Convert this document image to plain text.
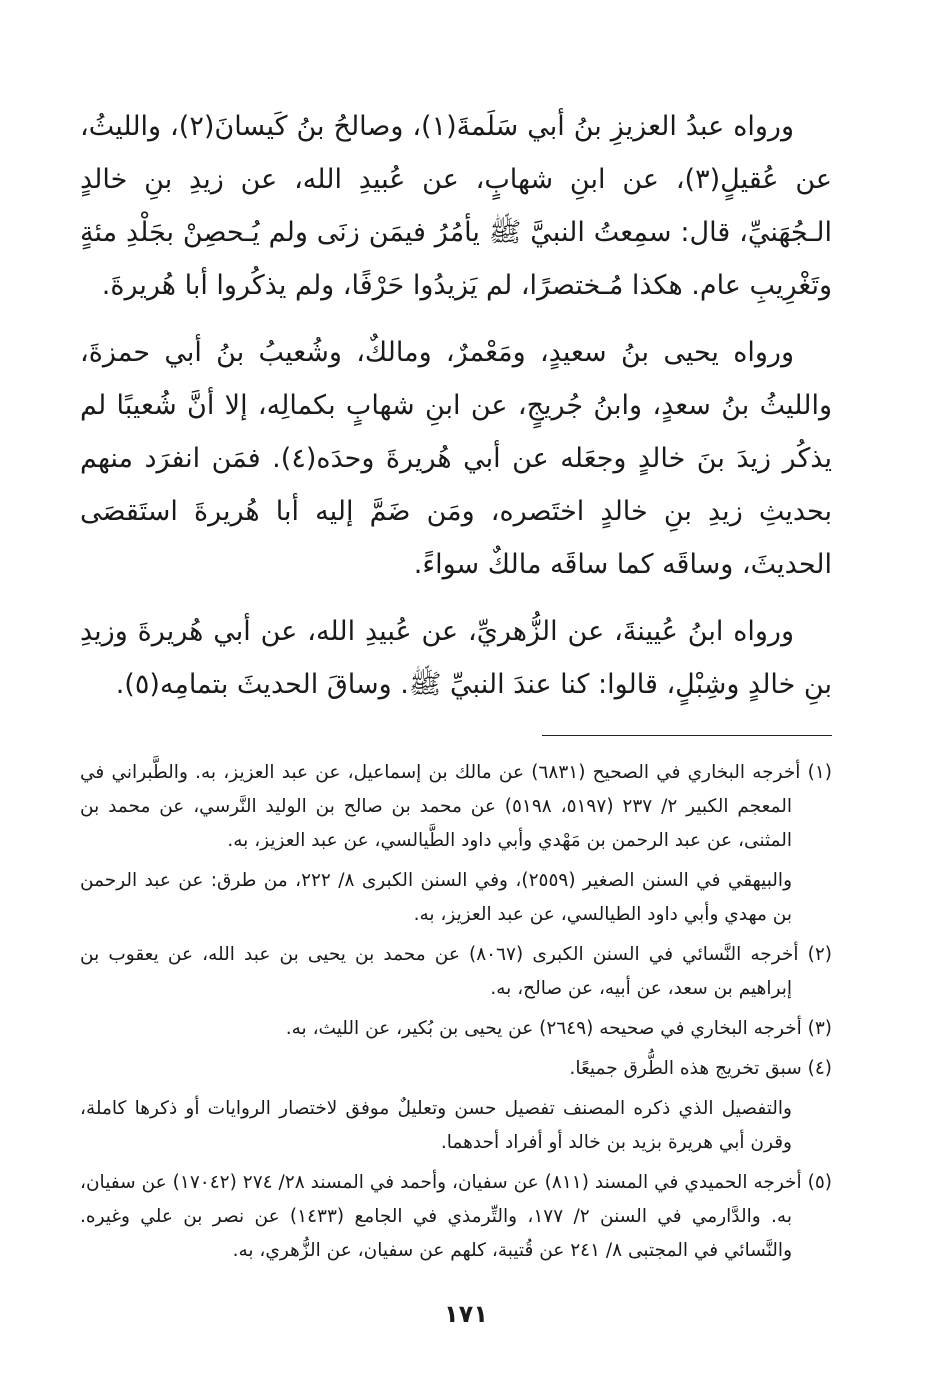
ورواه عبدُ العزيزِ بنُ أبي سَلَمةَ(١)، وصالحُ بنُ كَيسانَ(٢)، والليثُ، عن عُقيلٍ(٣)، عن ابنِ شهابٍ، عن عُبيدِ الله، عن زيدِ بنِ خالدٍ الـجُهَنيِّ، قال: سمِعتُ النبيَّ ﷺ يأمُرُ فيمَن زنَى ولم يُـحصِنْ بجَلْدِ مئةٍ وتَغْرِيبِ عام. هكذا مُـختصرًا، لم يَزيدُوا حَرْفًا، ولم يذكُروا أبا هُريرةَ.

ورواه يحيى بنُ سعيدٍ، ومَعْمرٌ، ومالكٌ، وشُعيبُ بنُ أبي حمزةَ، والليثُ بنُ سعدٍ، وابنُ جُريجٍ، عن ابنِ شهابٍ بكمالِه، إلا أنَّ شُعيبًا لم يذكُر زيدَ بنَ خالدٍ وجعَله عن أبي هُريرةَ وحدَه(٤). فمَن انفرَد منهم بحديثِ زيدِ بنِ خالدٍ اختَصره، ومَن ضَمَّ إليه أبا هُريرةَ استَقصَى الحديثَ، وساقَه كما ساقَه مالكٌ سواءً.

ورواه ابنُ عُيينةَ، عن الزُّهريِّ، عن عُبيدِ الله، عن أبي هُريرةَ وزيدِ بنِ خالدٍ وشِبْلٍ، قالوا: كنا عندَ النبيِّ ﷺ. وساقَ الحديثَ بتمامِه(٥).

(١) أخرجه البخاري في الصحيح (٦٨٣١) عن مالك بن إسماعيل، عن عبد العزيز، به. والطَّبراني في المعجم الكبير ٢/ ٢٣٧ (٥١٩٧، ٥١٩٨) عن محمد بن صالح بن الوليد النَّرسي، عن محمد بن المثنى، عن عبد الرحمن بن مَهْدي وأبي داود الطَّيالسي، عن عبد العزيز، به.

والبيهقي في السنن الصغير (٢٥٥٩)، وفي السنن الكبرى ٨/ ٢٢٢، من طرق: عن عبد الرحمن بن مهدي وأبي داود الطيالسي، عن عبد العزيز، به.

(٢) أخرجه النَّسائي في السنن الكبرى (٨٠٦٧) عن محمد بن يحيى بن عبد الله، عن يعقوب بن إبراهيم بن سعد، عن أبيه، عن صالح، به.

(٣) أخرجه البخاري في صحيحه (٢٦٤٩) عن يحيى بن بُكير، عن الليث، به.

(٤) سبق تخريج هذه الطُّرق جميعًا.

والتفصيل الذي ذكره المصنف تفصيل حسن وتعليلٌ موفق لاختصار الروايات أو ذكرها كاملة، وقرن أبي هريرة بزيد بن خالد أو أفراد أحدهما.

(٥) أخرجه الحميدي في المسند (٨١١) عن سفيان، وأحمد في المسند ٢٨/ ٢٧٤ (١٧٠٤٢) عن سفيان، به. والدَّارمي في السنن ٢/ ١٧٧، والتِّرمذي في الجامع (١٤٣٣) عن نصر بن علي وغيره. والنَّسائي في المجتبى ٨/ ٢٤١ عن قُتيبة، كلهم عن سفيان، عن الزُّهري، به.

١٧١
